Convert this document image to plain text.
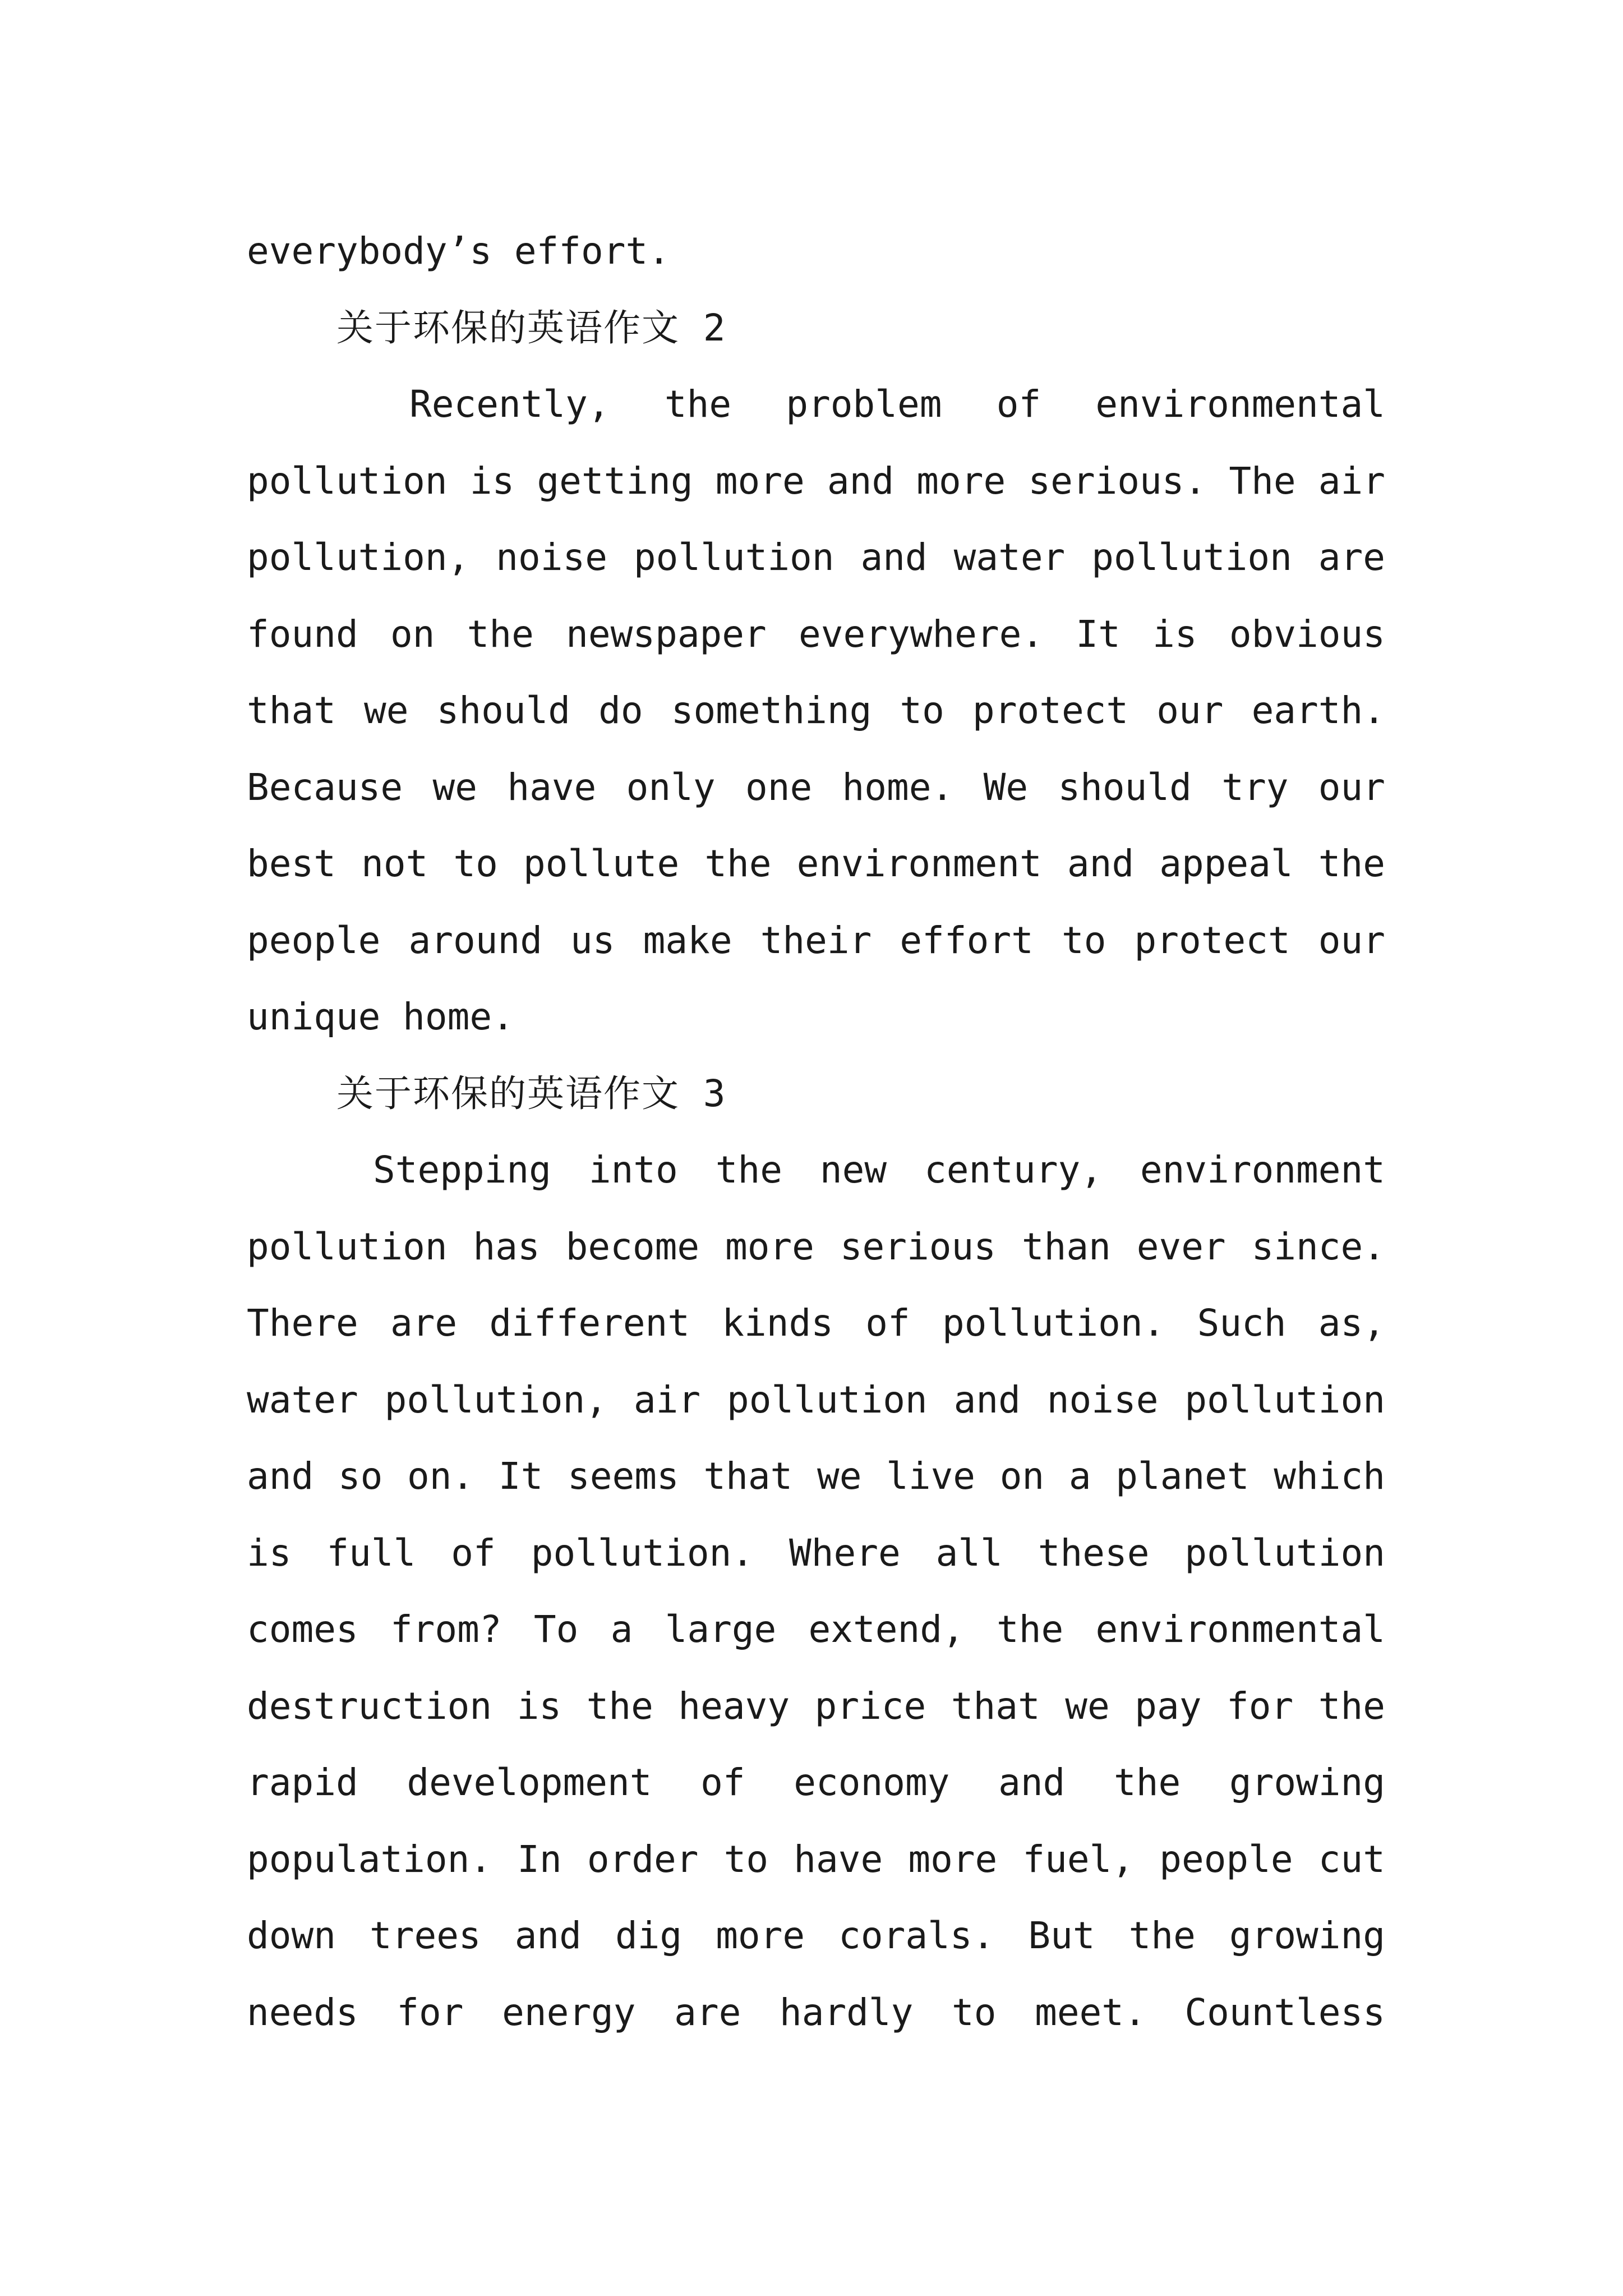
everybody’s effort.
关于环保的英语作文 2
Recently, the problem of environmental
pollution is getting more and more serious. The air
pollution, noise pollution and water pollution are
found on the newspaper everywhere. It is obvious
that we should do something to protect our earth.
Because we have only one home. We should try our
best not to pollute the environment and appeal the
people around us make their effort to protect our
unique home.
关于环保的英语作文 3
Stepping into the new century, environment
pollution has become more serious than ever since.
There are different kinds of pollution. Such as,
water pollution, air pollution and noise pollution
and so on. It seems that we live on a planet which
is full of pollution. Where all these pollution
comes from? To a large extend, the environmental
destruction is the heavy price that we pay for the
rapid development of economy and the growing
population. In order to have more fuel, people cut
down trees and dig more corals. But the growing
needs for energy are hardly to meet. Countless
